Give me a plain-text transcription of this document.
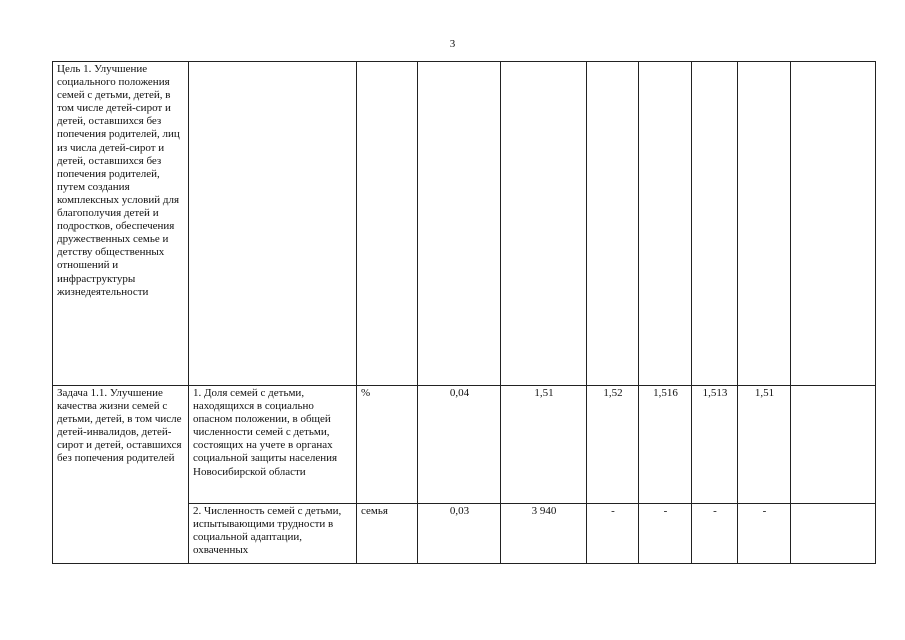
3
Цель 1. Улучшение социального положения семей с детьми, детей, в том числе детей-сирот и детей, оставшихся без попечения родителей, лиц из числа детей-сирот и детей, оставшихся без попечения родителей, путем создания комплексных условий для благополучия детей и подростков, обеспечения дружественных семье и детству общественных отношений и инфраструктуры жизнедеятельности									
Задача 1.1. Улучшение качества жизни семей с детьми, детей, в том числе детей-инвалидов, детей-сирот и детей, оставшихся без попечения родителей	1. Доля семей с детьми, находящихся в социально опасном положении, в общей численности семей с детьми, состоящих на учете в органах социальной защиты населения Новосибирской области	%	0,04	1,51	1,52	1,516	1,513	1,51	

	2. Численность семей с детьми, испытывающими трудности в социальной адаптации, охваченных	семья	0,03	3 940	-	-	-	-	
